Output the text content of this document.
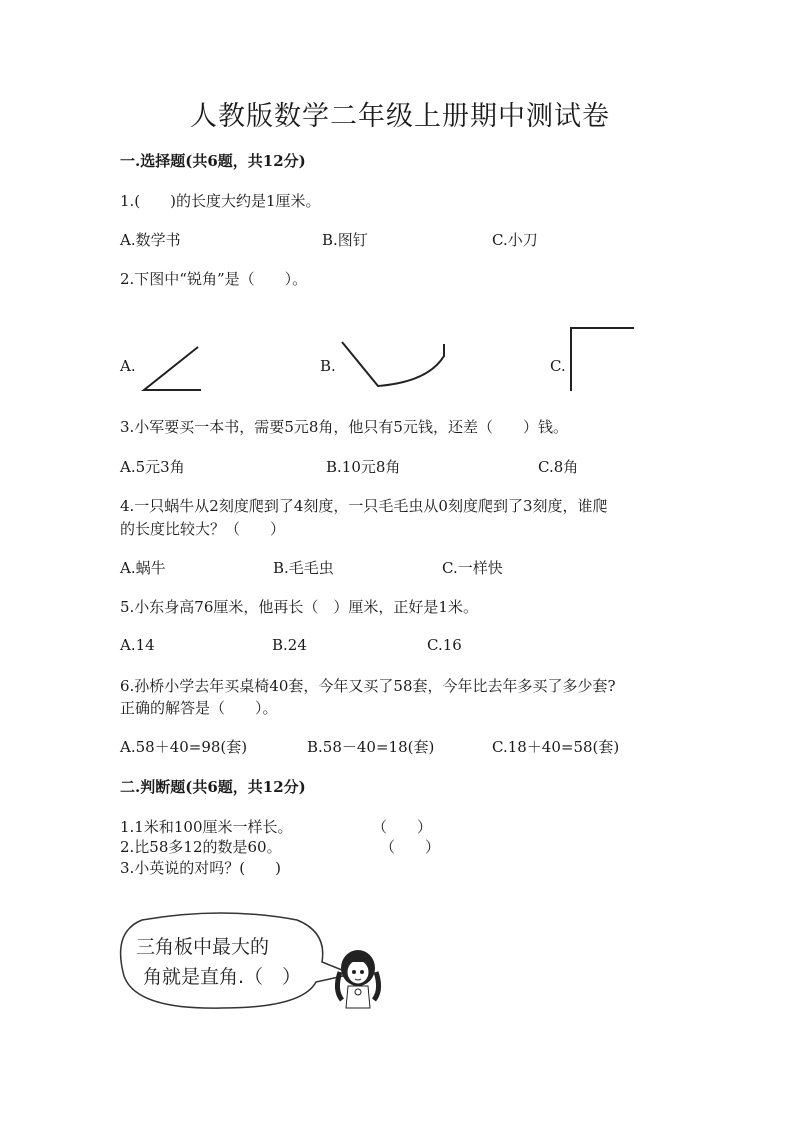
人教版数学二年级上册期中测试卷
一.选择题(共6题，共12分)
1.(　　)的长度大约是1厘米。
A.数学书	B.图钉	C.小刀
2.下图中“锐角”是（　　）。
A.	B.	C.
3.小军要买一本书，需要5元8角，他只有5元钱，还差（　　）钱。
A.5元3角	B.10元8角	C.8角
4.一只蜗牛从2刻度爬到了4刻度，一只毛毛虫从0刻度爬到了3刻度，谁爬
的长度比较大？（　　）
A.蜗牛	B.毛毛虫	C.一样快
5.小东身高76厘米，他再长（　）厘米，正好是1米。
A.14	B.24	C.16
6.孙桥小学去年买桌椅40套，今年又买了58套，今年比去年多买了多少套?
正确的解答是（　　）。
A.58＋40=98(套)	B.58－40=18(套)	C.18＋40=58(套)
二.判断题(共6题，共12分)
1.1米和100厘米一样长。	（　　）
2.比58多12的数是60。	（　　）
3.小英说的对吗？(　　)
三角板中最大的
角就是直角.（　）
